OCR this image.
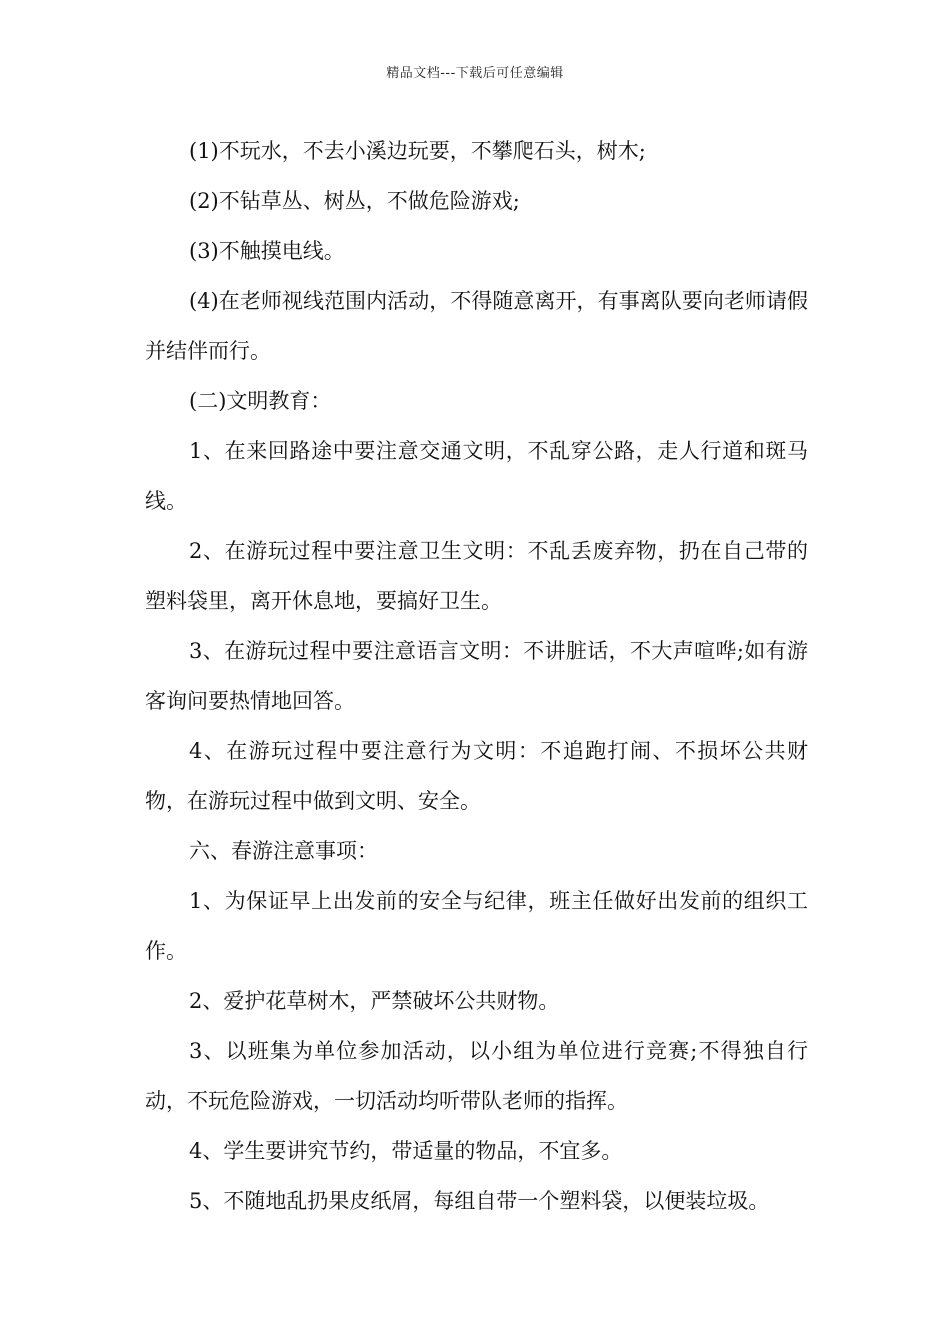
精品文档---下载后可任意编辑

(1)不玩水，不去小溪边玩要，不攀爬石头，树木;

(2)不钻草丛、树丛，不做危险游戏;

(3)不触摸电线。

(4)在老师视线范围内活动，不得随意离开，有事离队要向老师请假并结伴而行。

(二)文明教育：

1、在来回路途中要注意交通文明，不乱穿公路，走人行道和斑马线。

2、在游玩过程中要注意卫生文明：不乱丢废弃物，扔在自己带的塑料袋里，离开休息地，要搞好卫生。

3、在游玩过程中要注意语言文明：不讲脏话，不大声喧哗;如有游客询问要热情地回答。

4、在游玩过程中要注意行为文明：不追跑打闹、不损坏公共财物，在游玩过程中做到文明、安全。

六、春游注意事项：

1、为保证早上出发前的安全与纪律，班主任做好出发前的组织工作。

2、爱护花草树木，严禁破坏公共财物。

3、以班集为单位参加活动，以小组为单位进行竞赛;不得独自行动，不玩危险游戏，一切活动均听带队老师的指挥。

4、学生要讲究节约，带适量的物品，不宜多。

5、不随地乱扔果皮纸屑，每组自带一个塑料袋，以便装垃圾。
